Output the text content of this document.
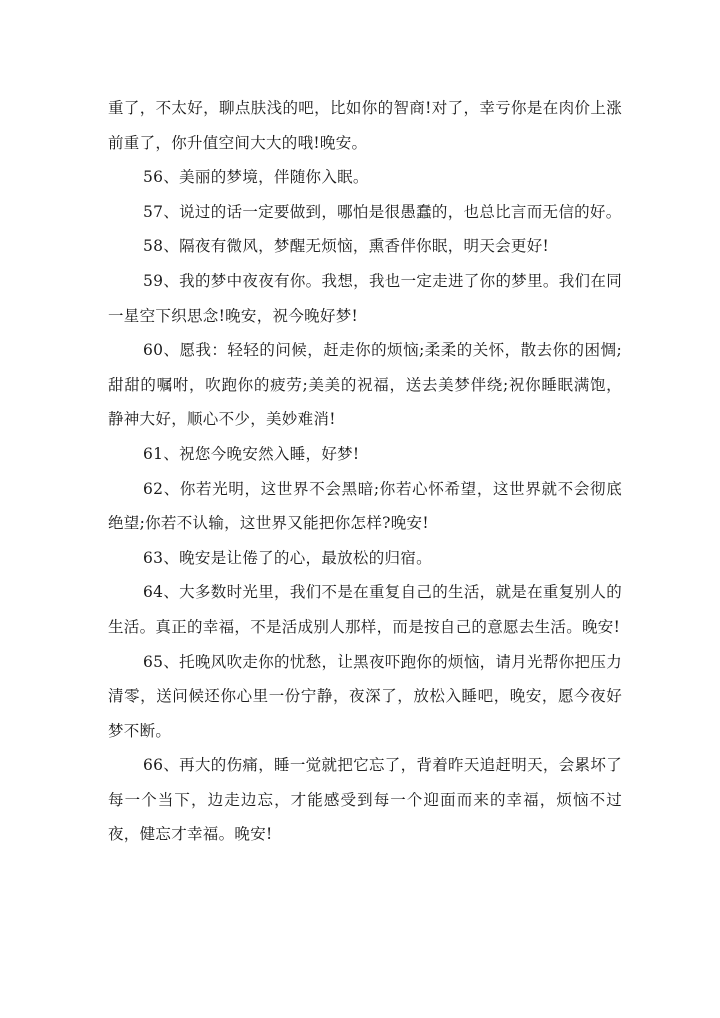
重了，不太好，聊点肤浅的吧，比如你的智商!对了，幸亏你是在肉价上涨前重了，你升值空间大大的哦!晚安。

56、美丽的梦境，伴随你入眠。

57、说过的话一定要做到，哪怕是很愚蠢的，也总比言而无信的好。

58、隔夜有微风，梦醒无烦恼，熏香伴你眠，明天会更好!

59、我的梦中夜夜有你。我想，我也一定走进了你的梦里。我们在同一星空下织思念!晚安，祝今晚好梦!

60、愿我：轻轻的问候，赶走你的烦恼;柔柔的关怀，散去你的困惆;甜甜的嘱咐，吹跑你的疲劳;美美的祝福，送去美梦伴绕;祝你睡眠满饱，静神大好，顺心不少，美妙难消!

61、祝您今晚安然入睡，好梦!

62、你若光明，这世界不会黑暗;你若心怀希望，这世界就不会彻底绝望;你若不认输，这世界又能把你怎样?晚安!

63、晚安是让倦了的心，最放松的归宿。

64、大多数时光里，我们不是在重复自己的生活，就是在重复别人的生活。真正的幸福，不是活成别人那样，而是按自己的意愿去生活。晚安!

65、托晚风吹走你的忧愁，让黑夜吓跑你的烦恼，请月光帮你把压力清零，送问候还你心里一份宁静，夜深了，放松入睡吧，晚安，愿今夜好梦不断。

66、再大的伤痛，睡一觉就把它忘了，背着昨天追赶明天，会累坏了每一个当下，边走边忘，才能感受到每一个迎面而来的幸福，烦恼不过夜，健忘才幸福。晚安!
